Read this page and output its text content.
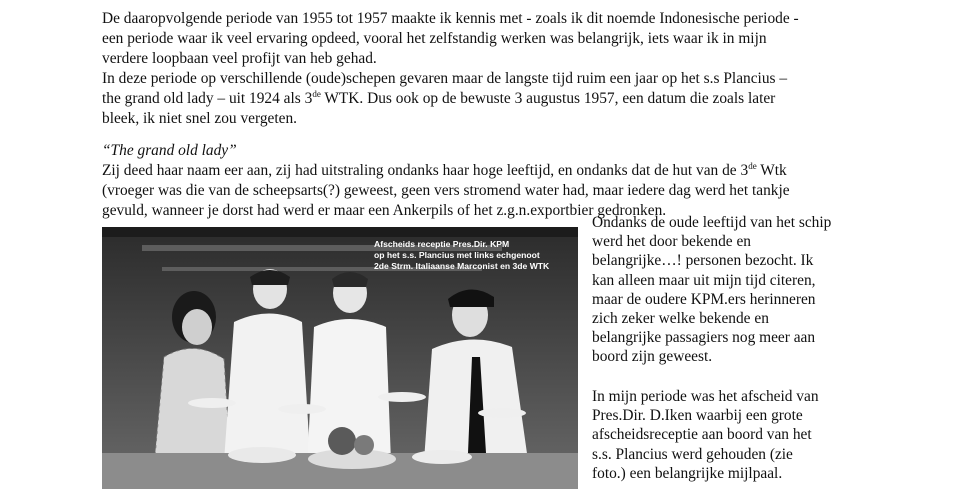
De daaropvolgende periode van 1955 tot 1957 maakte ik kennis met - zoals ik dit noemde Indonesische periode -
een periode waar ik veel ervaring opdeed, vooral het zelfstandig werken was belangrijk, iets waar ik in mijn
verdere loopbaan veel profijt van heb gehad.
In deze periode op verschillende (oude)schepen gevaren maar de langste tijd ruim een jaar op het s.s Plancius –
the grand old lady – uit 1924 als 3de WTK. Dus ook op de bewuste 3 augustus 1957, een datum die zoals later
bleek, ik niet snel zou vergeten.
“The grand old lady”
Zij deed haar naam eer aan, zij had uitstraling ondanks haar hoge leeftijd, en ondanks dat de hut van de 3de Wtk
(vroeger was die van de scheepsarts(?) geweest, geen vers stromend water had, maar iedere dag werd het tankje
gevuld, wanneer je dorst had werd er maar een Ankerpils of het z.g.n.exportbier gedronken.
Afscheids receptie Pres.Dir. KPM
op het s.s. Plancius met links echgenoot
2de Strm. Italiaanse Marconist en 3de WTK
Ondanks de oude leeftijd van het schip
werd het door bekende en
belangrijke…! personen bezocht. Ik
kan alleen maar uit mijn tijd citeren,
maar de oudere KPM.ers herinneren
zich zeker welke bekende en
belangrijke passagiers nog meer aan
boord zijn geweest.
In mijn periode was het afscheid van
Pres.Dir. D.Iken waarbij een grote
afscheidsreceptie aan boord van het
s.s. Plancius werd gehouden (zie
foto.) een belangrijke mijlpaal.
